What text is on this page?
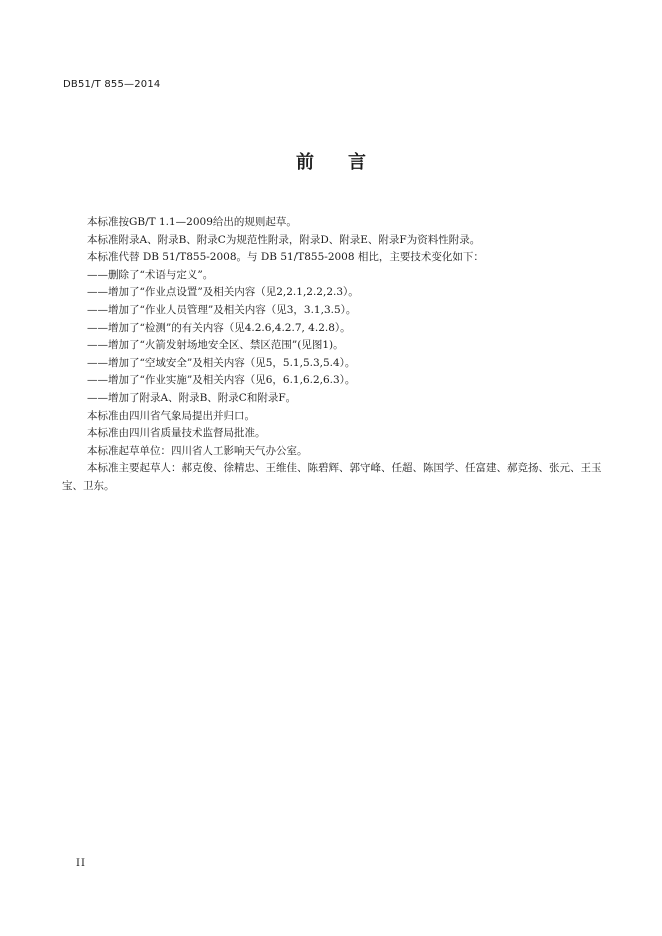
DB51/T 855—2014
前 言

本标准按GB/T 1.1—2009给出的规则起草。

本标准附录A、附录B、附录C为规范性附录，附录D、附录E、附录F为资料性附录。

本标准代替 DB 51/T855-2008。与 DB 51/T855-2008 相比，主要技术变化如下：

——删除了“术语与定义”。

——增加了“作业点设置”及相关内容（见2,2.1,2.2,2.3）。

——增加了“作业人员管理”及相关内容（见3，3.1,3.5）。

——增加了“检测”的有关内容（见4.2.6,4.2.7, 4.2.8）。

——增加了“火箭发射场地安全区、禁区范围”(见图1)。

——增加了“空域安全”及相关内容（见5，5.1,5.3,5.4）。

——增加了“作业实施”及相关内容（见6，6.1,6.2,6.3）。

——增加了附录A、附录B、附录C和附录F。

本标准由四川省气象局提出并归口。

本标准由四川省质量技术监督局批准。

本标准起草单位：四川省人工影响天气办公室。

本标准主要起草人：郝克俊、徐精忠、王维佳、陈碧辉、郭守峰、任超、陈国学、任富建、郝竞扬、张元、王玉宝、卫东。

II
